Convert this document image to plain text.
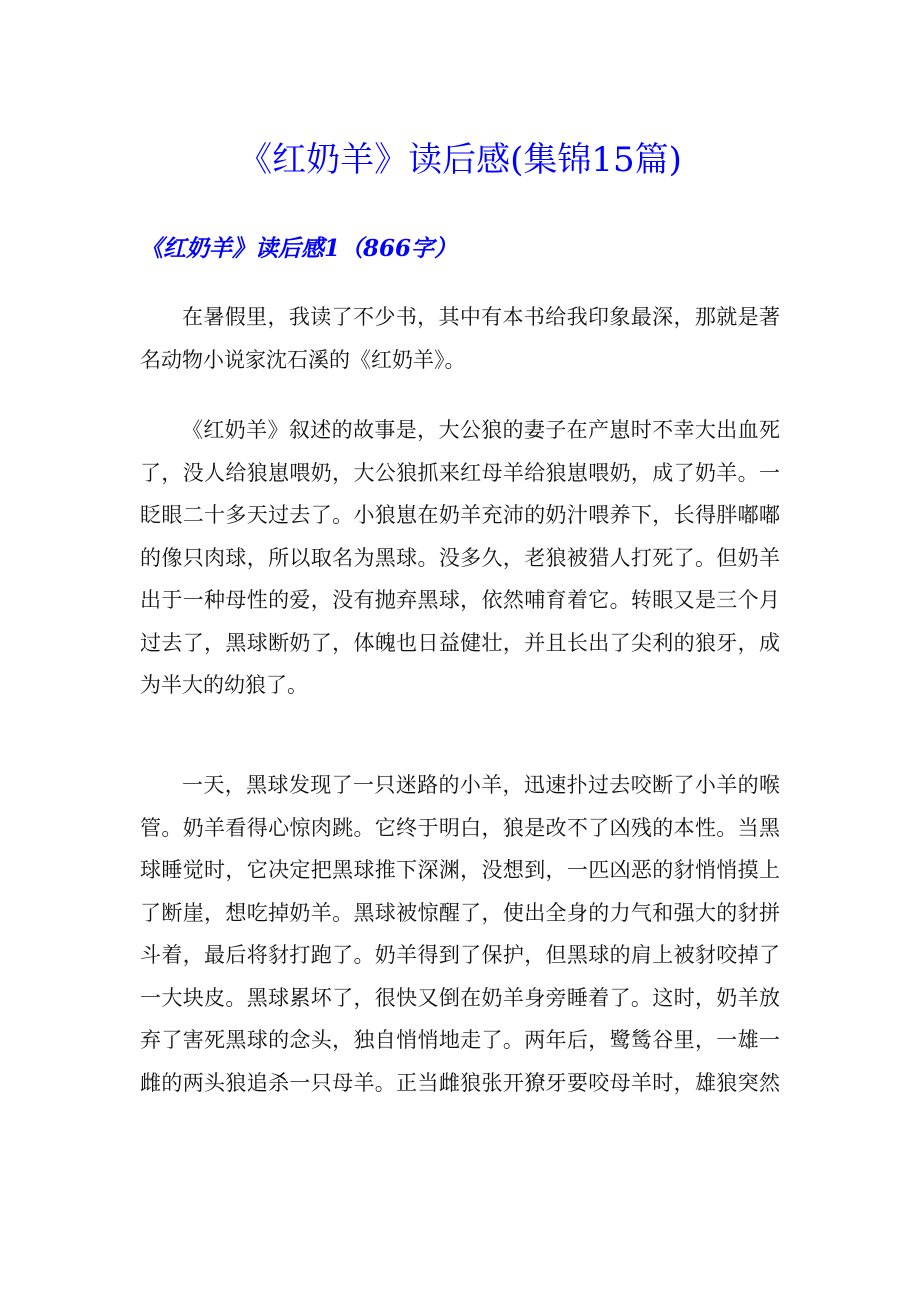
《红奶羊》读后感(集锦15篇)
《红奶羊》读后感1（866字）

在暑假里，我读了不少书，其中有本书给我印象最深，那就是著
名动物小说家沈石溪的《红奶羊》。

《红奶羊》叙述的故事是，大公狼的妻子在产崽时不幸大出血死
了，没人给狼崽喂奶，大公狼抓来红母羊给狼崽喂奶，成了奶羊。一
眨眼二十多天过去了。小狼崽在奶羊充沛的奶汁喂养下，长得胖嘟嘟
的像只肉球，所以取名为黑球。没多久，老狼被猎人打死了。但奶羊
出于一种母性的爱，没有抛弃黑球，依然哺育着它。转眼又是三个月
过去了，黑球断奶了，体魄也日益健壮，并且长出了尖利的狼牙，成
为半大的幼狼了。

一天，黑球发现了一只迷路的小羊，迅速扑过去咬断了小羊的喉
管。奶羊看得心惊肉跳。它终于明白，狼是改不了凶残的本性。当黑
球睡觉时，它决定把黑球推下深渊，没想到，一匹凶恶的豺悄悄摸上
了断崖，想吃掉奶羊。黑球被惊醒了，使出全身的力气和强大的豺拼
斗着，最后将豺打跑了。奶羊得到了保护，但黑球的肩上被豺咬掉了
一大块皮。黑球累坏了，很快又倒在奶羊身旁睡着了。这时，奶羊放
弃了害死黑球的念头，独自悄悄地走了。两年后，鹭鸶谷里，一雄一
雌的两头狼追杀一只母羊。正当雌狼张开獠牙要咬母羊时，雄狼突然
